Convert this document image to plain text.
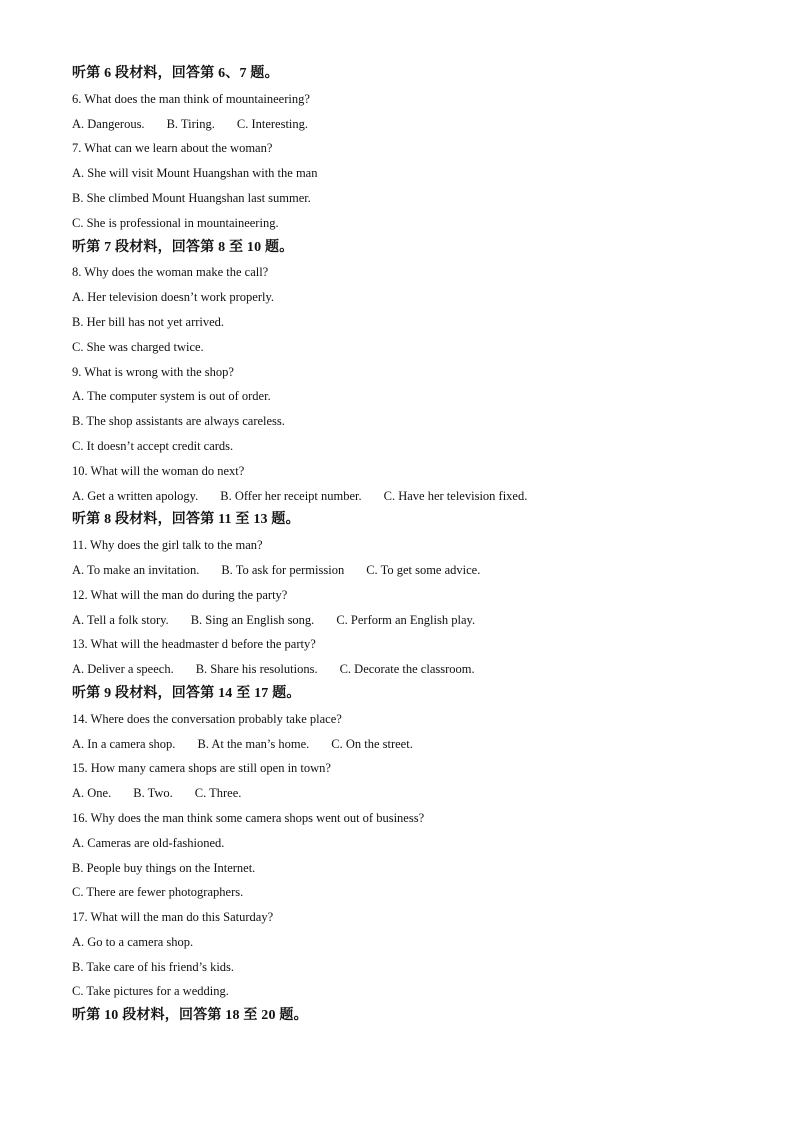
听第 6 段材料，回答第 6、7 题。
6. What does the man think of mountaineering?
A. Dangerous. B. Tiring. C. Interesting.
7. What can we learn about the woman?
A. She will visit Mount Huangshan with the man
B. She climbed Mount Huangshan last summer.
C. She is professional in mountaineering.
听第 7 段材料，回答第 8 至 10 题。
8. Why does the woman make the call?
A. Her television doesn’t work properly.
B. Her bill has not yet arrived.
C. She was charged twice.
9. What is wrong with the shop?
A. The computer system is out of order.
B. The shop assistants are always careless.
C. It doesn’t accept credit cards.
10. What will the woman do next?
A. Get a written apology. B. Offer her receipt number. C. Have her television fixed.
听第 8 段材料，回答第 11 至 13 题。
11. Why does the girl talk to the man?
A. To make an invitation. B. To ask for permission C. To get some advice.
12. What will the man do during the party?
A. Tell a folk story. B. Sing an English song. C. Perform an English play.
13. What will the headmaster d before the party?
A. Deliver a speech. B. Share his resolutions. C. Decorate the classroom.
听第 9 段材料，回答第 14 至 17 题。
14. Where does the conversation probably take place?
A. In a camera shop. B. At the man’s home. C. On the street.
15. How many camera shops are still open in town?
A. One. B. Two. C. Three.
16. Why does the man think some camera shops went out of business?
A. Cameras are old-fashioned.
B. People buy things on the Internet.
C. There are fewer photographers.
17. What will the man do this Saturday?
A. Go to a camera shop.
B. Take care of his friend’s kids.
C. Take pictures for a wedding.
听第 10 段材料，回答第 18 至 20 题。
